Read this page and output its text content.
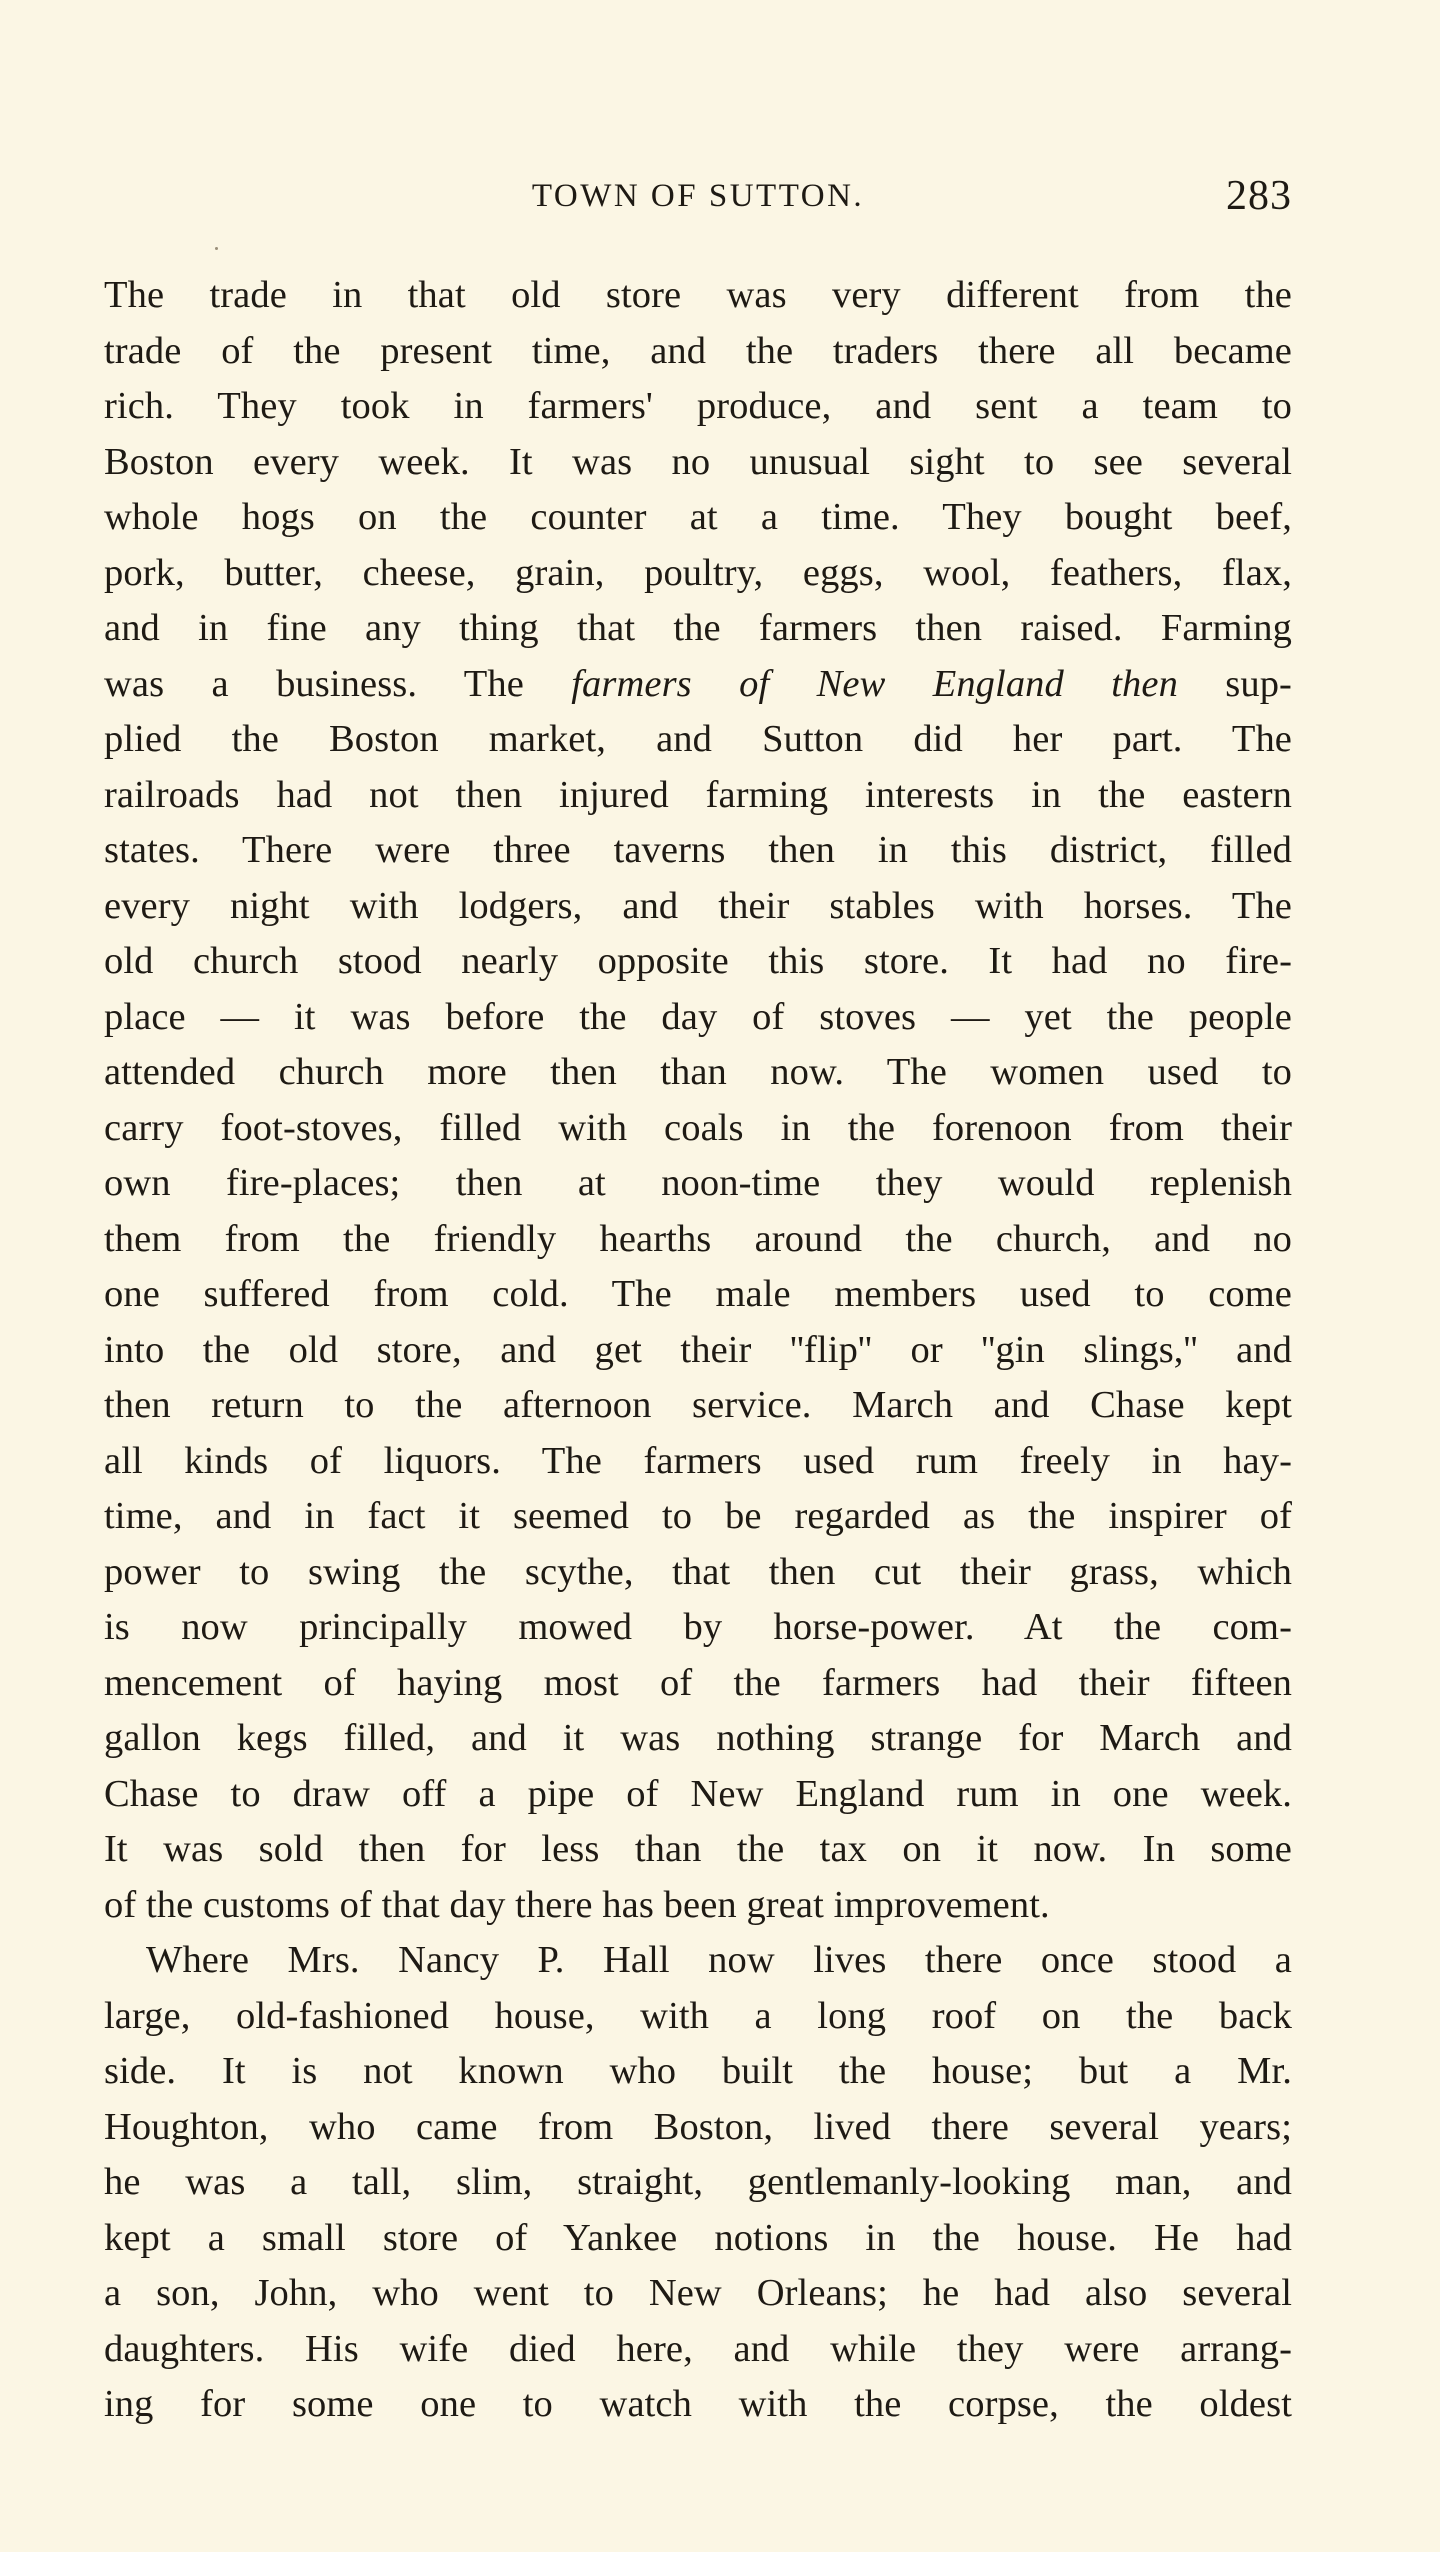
TOWN OF SUTTON.	283
The trade in that old store was very different from the
trade of the present time, and the traders there all became
rich. They took in farmers' produce, and sent a team to
Boston every week. It was no unusual sight to see several
whole hogs on the counter at a time. They bought beef,
pork, butter, cheese, grain, poultry, eggs, wool, feathers, flax,
and in fine any thing that the farmers then raised. Farming
was a business. The farmers of New England then sup-
plied the Boston market, and Sutton did her part. The
railroads had not then injured farming interests in the eastern
states. There were three taverns then in this district, filled
every night with lodgers, and their stables with horses. The
old church stood nearly opposite this store. It had no fire-
place — it was before the day of stoves — yet the people
attended church more then than now. The women used to
carry foot-stoves, filled with coals in the forenoon from their
own fire-places; then at noon-time they would replenish
them from the friendly hearths around the church, and no
one suffered from cold. The male members used to come
into the old store, and get their ''flip'' or ''gin slings,'' and
then return to the afternoon service. March and Chase kept
all kinds of liquors. The farmers used rum freely in hay-
time, and in fact it seemed to be regarded as the inspirer of
power to swing the scythe, that then cut their grass, which
is now principally mowed by horse-power. At the com-
mencement of haying most of the farmers had their fifteen
gallon kegs filled, and it was nothing strange for March and
Chase to draw off a pipe of New England rum in one week.
It was sold then for less than the tax on it now. In some
of the customs of that day there has been great improvement.
Where Mrs. Nancy P. Hall now lives there once stood a
large, old-fashioned house, with a long roof on the back
side. It is not known who built the house; but a Mr.
Houghton, who came from Boston, lived there several years;
he was a tall, slim, straight, gentlemanly-looking man, and
kept a small store of Yankee notions in the house. He had
a son, John, who went to New Orleans; he had also several
daughters. His wife died here, and while they were arrang-
ing for some one to watch with the corpse, the oldest
